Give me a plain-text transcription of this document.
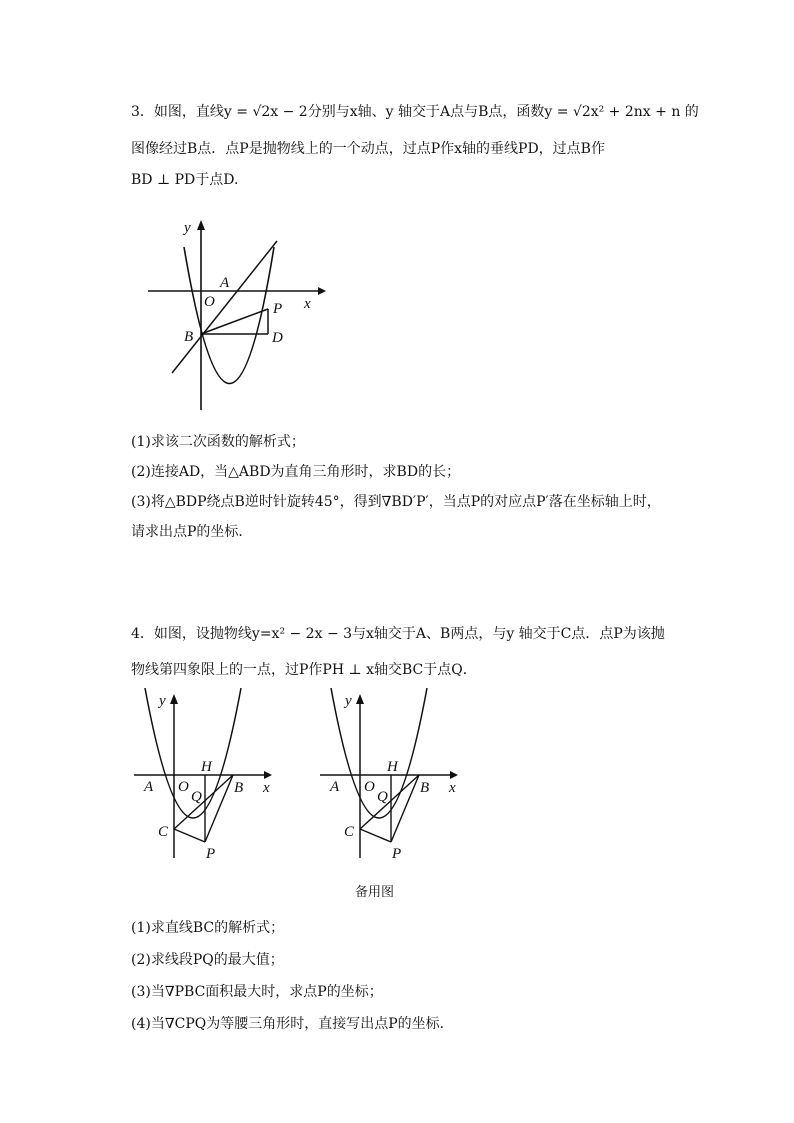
3．如图，直线y = √2x − 2分别与x轴、y 轴交于A点与B点，函数y = √2x² + 2nx + n 的
图像经过B点．点P是抛物线上的一个动点，过点P作x轴的垂线PD，过点B作
BD ⊥ PD于点D.
y
x
O
A
B
P
D
(1)求该二次函数的解析式；
(2)连接AD，当△ABD为直角三角形时，求BD的长；
(3)将△BDP绕点B逆时针旋转45°，得到∇BD′P′，当点P的对应点P′落在坐标轴上时，
请求出点P的坐标．
4．如图，设抛物线y=x² − 2x − 3与x轴交于A、B两点，与y 轴交于C点．点P为该抛
物线第四象限上的一点，过P作PH ⊥ x轴交BC于点Q．
y
x
A O
H
Q
B
C
P
y
x
A O
H
Q
B
C
P
备用图
(1)求直线BC的解析式；
(2)求线段PQ的最大值；
(3)当∇PBC面积最大时，求点P的坐标；
(4)当∇CPQ为等腰三角形时，直接写出点P的坐标．
